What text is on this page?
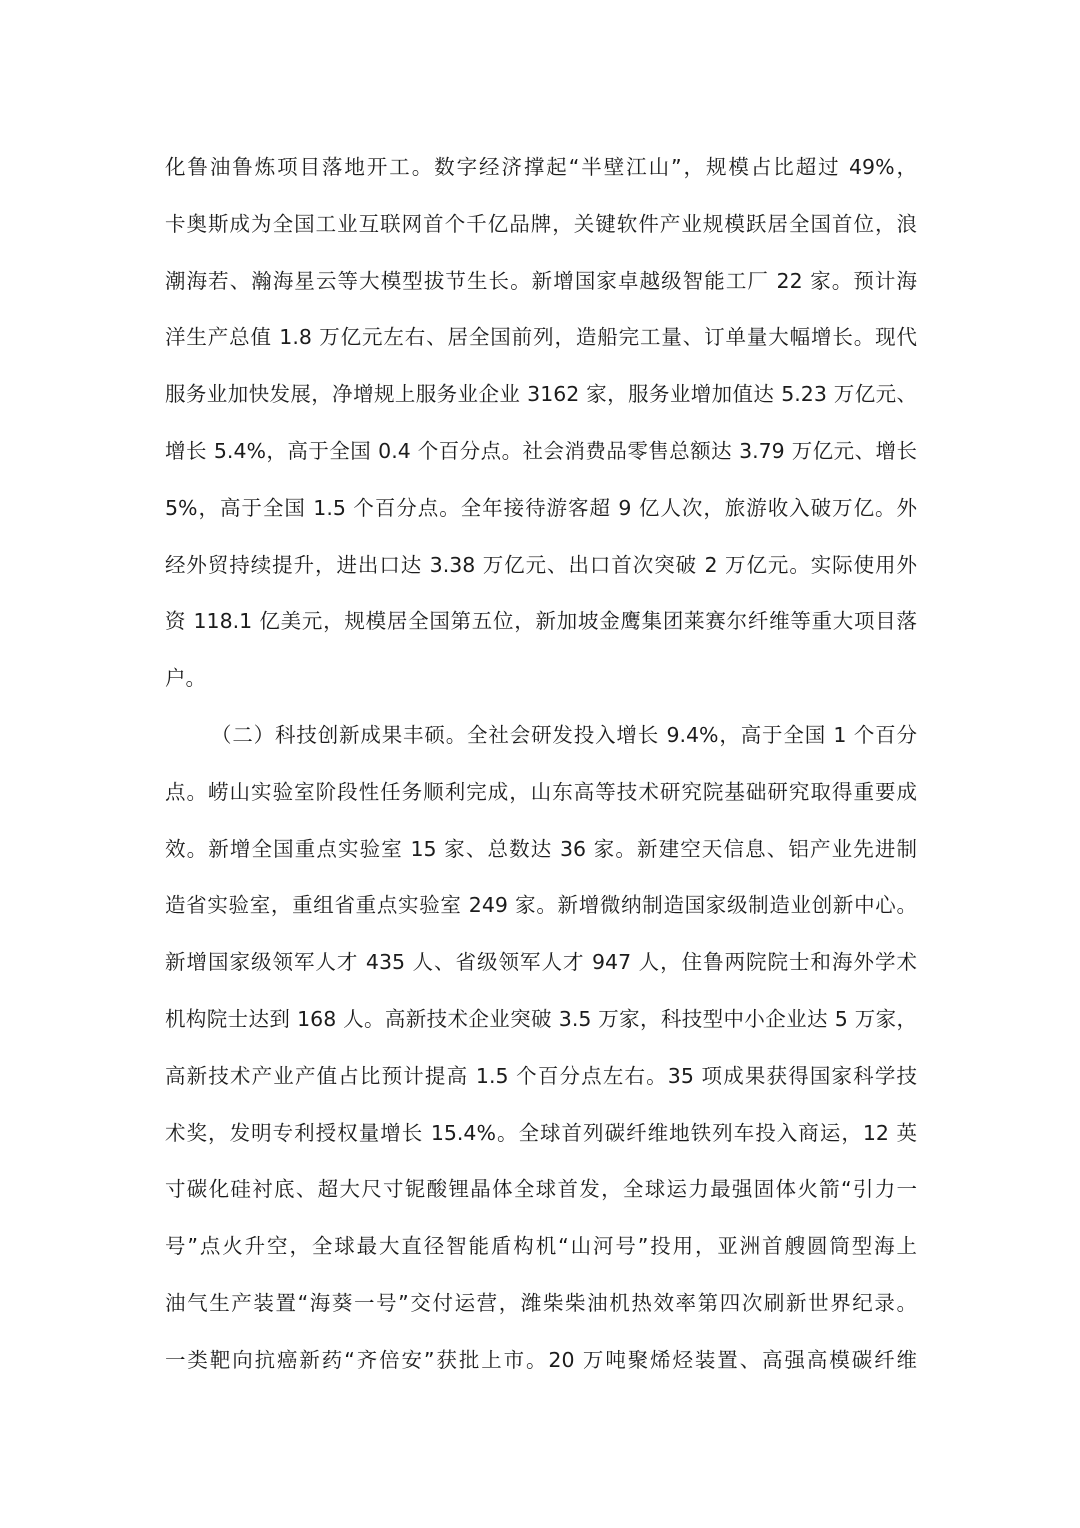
化鲁油鲁炼项目落地开工。数字经济撑起“半壁江山”，规模占比超过 49%，
卡奥斯成为全国工业互联网首个千亿品牌，关键软件产业规模跃居全国首位，浪
潮海若、瀚海星云等大模型拔节生长。新增国家卓越级智能工厂 22 家。预计海
洋生产总值 1.8 万亿元左右、居全国前列，造船完工量、订单量大幅增长。现代
服务业加快发展，净增规上服务业企业 3162 家，服务业增加值达 5.23 万亿元、
增长 5.4%，高于全国 0.4 个百分点。社会消费品零售总额达 3.79 万亿元、增长
5%，高于全国 1.5 个百分点。全年接待游客超 9 亿人次，旅游收入破万亿。外
经外贸持续提升，进出口达 3.38 万亿元、出口首次突破 2 万亿元。实际使用外
资 118.1 亿美元，规模居全国第五位，新加坡金鹰集团莱赛尔纤维等重大项目落
户。
（二）科技创新成果丰硕。全社会研发投入增长 9.4%，高于全国 1 个百分
点。崂山实验室阶段性任务顺利完成，山东高等技术研究院基础研究取得重要成
效。新增全国重点实验室 15 家、总数达 36 家。新建空天信息、铝产业先进制
造省实验室，重组省重点实验室 249 家。新增微纳制造国家级制造业创新中心。
新增国家级领军人才 435 人、省级领军人才 947 人，住鲁两院院士和海外学术
机构院士达到 168 人。高新技术企业突破 3.5 万家，科技型中小企业达 5 万家，
高新技术产业产值占比预计提高 1.5 个百分点左右。35 项成果获得国家科学技
术奖，发明专利授权量增长 15.4%。全球首列碳纤维地铁列车投入商运，12 英
寸碳化硅衬底、超大尺寸铌酸锂晶体全球首发，全球运力最强固体火箭“引力一
号”点火升空，全球最大直径智能盾构机“山河号”投用，亚洲首艘圆筒型海上
油气生产装置“海葵一号”交付运营，潍柴柴油机热效率第四次刷新世界纪录。
一类靶向抗癌新药“齐倍安”获批上市。20 万吨聚烯烃装置、高强高模碳纤维
